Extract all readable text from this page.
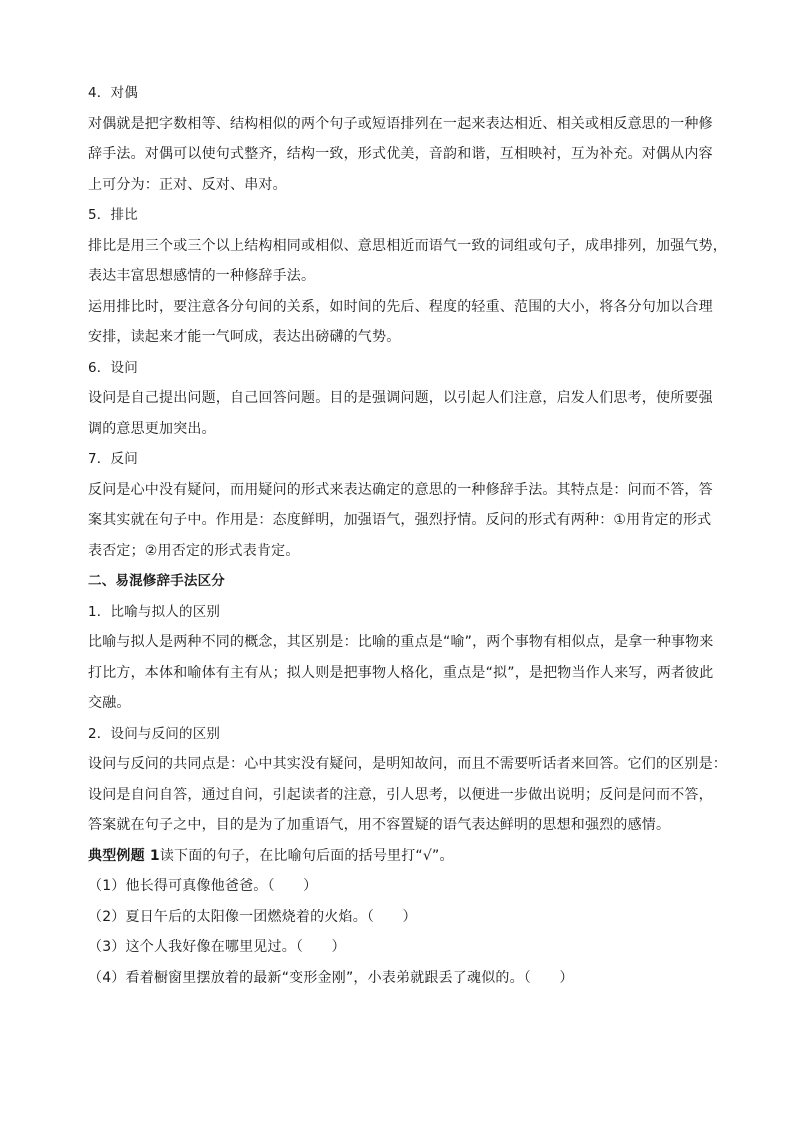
4．对偶
对偶就是把字数相等、结构相似的两个句子或短语排列在一起来表达相近、相关或相反意思的一种修
辞手法。对偶可以使句式整齐，结构一致，形式优美，音韵和谐，互相映衬，互为补充。对偶从内容
上可分为：正对、反对、串对。
5．排比
排比是用三个或三个以上结构相同或相似、意思相近而语气一致的词组或句子，成串排列，加强气势，
表达丰富思想感情的一种修辞手法。
运用排比时，要注意各分句间的关系，如时间的先后、程度的轻重、范围的大小，将各分句加以合理
安排，读起来才能一气呵成，表达出磅礴的气势。
6．设问
设问是自己提出问题，自己回答问题。目的是强调问题，以引起人们注意，启发人们思考，使所要强
调的意思更加突出。
7．反问
反问是心中没有疑问，而用疑问的形式来表达确定的意思的一种修辞手法。其特点是：问而不答，答
案其实就在句子中。作用是：态度鲜明，加强语气，强烈抒情。反问的形式有两种：①用肯定的形式
表否定；②用否定的形式表肯定。
二、易混修辞手法区分
1．比喻与拟人的区别
比喻与拟人是两种不同的概念，其区别是：比喻的重点是“喻”，两个事物有相似点，是拿一种事物来
打比方，本体和喻体有主有从；拟人则是把事物人格化，重点是“拟”，是把物当作人来写，两者彼此
交融。
2．设问与反问的区别
设问与反问的共同点是：心中其实没有疑问，是明知故问，而且不需要听话者来回答。它们的区别是：
设问是自问自答，通过自问，引起读者的注意，引人思考，以便进一步做出说明；反问是问而不答，
答案就在句子之中，目的是为了加重语气，用不容置疑的语气表达鲜明的思想和强烈的感情。
典型例题 1读下面的句子，在比喻句后面的括号里打“√”。
（1）他长得可真像他爸爸。（　　）
（2）夏日午后的太阳像一团燃烧着的火焰。（　　）
（3）这个人我好像在哪里见过。（　　）
（4）看着橱窗里摆放着的最新“变形金刚”，小表弟就跟丢了魂似的。（　　）
